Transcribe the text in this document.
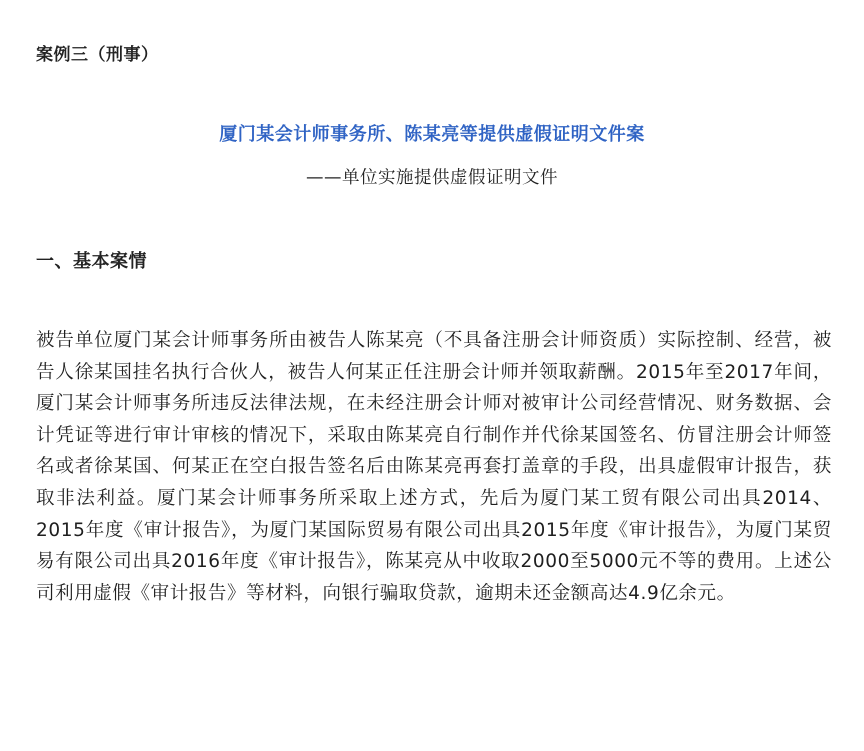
案例三（刑事）
厦门某会计师事务所、陈某亮等提供虚假证明文件案
——单位实施提供虚假证明文件
一、基本案情

被告单位厦门某会计师事务所由被告人陈某亮（不具备注册会计师资质）实际控制、经营，被告人徐某国挂名执行合伙人，被告人何某正任注册会计师并领取薪酬。2015年至2017年间，厦门某会计师事务所违反法律法规，在未经注册会计师对被审计公司经营情况、财务数据、会计凭证等进行审计审核的情况下，采取由陈某亮自行制作并代徐某国签名、仿冒注册会计师签名或者徐某国、何某正在空白报告签名后由陈某亮再套打盖章的手段，出具虚假审计报告，获取非法利益。厦门某会计师事务所采取上述方式，先后为厦门某工贸有限公司出具2014、2015年度《审计报告》，为厦门某国际贸易有限公司出具2015年度《审计报告》，为厦门某贸易有限公司出具2016年度《审计报告》，陈某亮从中收取2000至5000元不等的费用。上述公司利用虚假《审计报告》等材料，向银行骗取贷款，逾期未还金额高达4.9亿余元。
